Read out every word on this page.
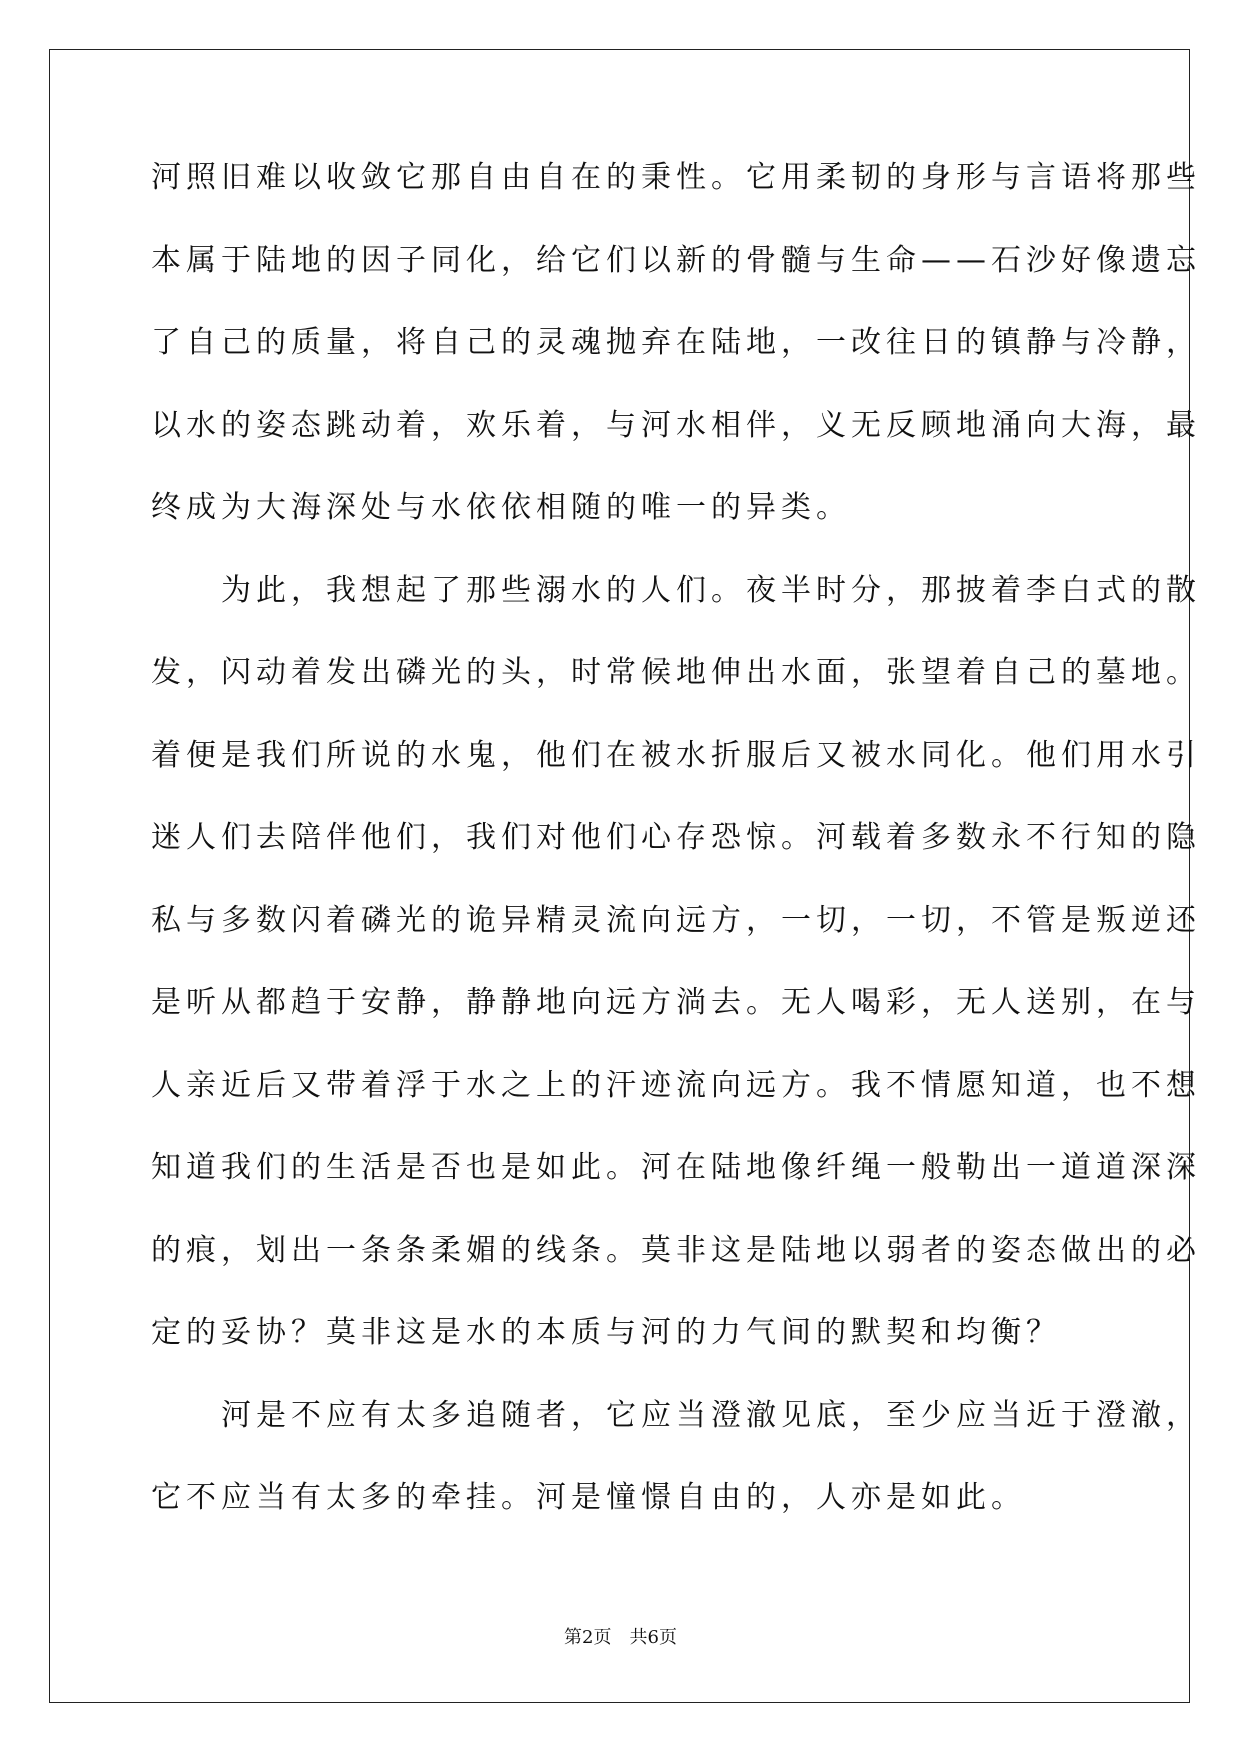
河照旧难以收敛它那自由自在的秉性。它用柔韧的身形与言语将那些
本属于陆地的因子同化，给它们以新的骨髓与生命——石沙好像遗忘
了自己的质量，将自己的灵魂抛弃在陆地，一改往日的镇静与冷静，
以水的姿态跳动着，欢乐着，与河水相伴，义无反顾地涌向大海，最
终成为大海深处与水依依相随的唯一的异类。
　　为此，我想起了那些溺水的人们。夜半时分，那披着李白式的散
发，闪动着发出磷光的头，时常候地伸出水面，张望着自己的墓地。
着便是我们所说的水鬼，他们在被水折服后又被水同化。他们用水引
迷人们去陪伴他们，我们对他们心存恐惊。河载着多数永不行知的隐
私与多数闪着磷光的诡异精灵流向远方，一切，一切，不管是叛逆还
是听从都趋于安静，静静地向远方淌去。无人喝彩，无人送别，在与
人亲近后又带着浮于水之上的汗迹流向远方。我不情愿知道，也不想
知道我们的生活是否也是如此。河在陆地像纤绳一般勒出一道道深深
的痕，划出一条条柔媚的线条。莫非这是陆地以弱者的姿态做出的必
定的妥协？莫非这是水的本质与河的力气间的默契和均衡？
　　河是不应有太多追随者，它应当澄澈见底，至少应当近于澄澈，
它不应当有太多的牵挂。河是憧憬自由的，人亦是如此。
第2页　共6页
